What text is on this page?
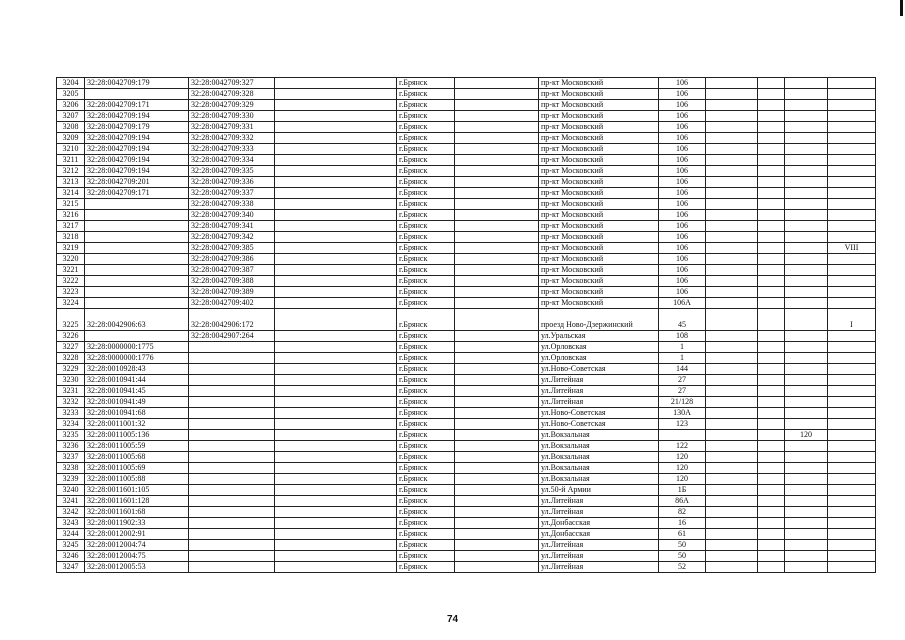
3204	32:28:0042709:179	32:28:0042709:327		г.Брянск		пр-кт Московский	106				
3205		32:28:0042709:328		г.Брянск		пр-кт Московский	106				
3206	32:28:0042709:171	32:28:0042709:329		г.Брянск		пр-кт Московский	106				
3207	32:28:0042709:194	32:28:0042709:330		г.Брянск		пр-кт Московский	106				
3208	32:28:0042709:179	32:28:0042709:331		г.Брянск		пр-кт Московский	106				
3209	32:28:0042709:194	32:28:0042709:332		г.Брянск		пр-кт Московский	106				
3210	32:28:0042709:194	32:28:0042709:333		г.Брянск		пр-кт Московский	106				
3211	32:28:0042709:194	32:28:0042709:334		г.Брянск		пр-кт Московский	106				
3212	32:28:0042709:194	32:28:0042709:335		г.Брянск		пр-кт Московский	106				
3213	32:28:0042709:201	32:28:0042709:336		г.Брянск		пр-кт Московский	106				
3214	32:28:0042709:171	32:28:0042709:337		г.Брянск		пр-кт Московский	106				
3215		32:28:0042709:338		г.Брянск		пр-кт Московский	106				
3216		32:28:0042709:340		г.Брянск		пр-кт Московский	106				
3217		32:28:0042709:341		г.Брянск		пр-кт Московский	106				
3218		32:28:0042709:342		г.Брянск		пр-кт Московский	106				
3219		32:28:0042709:385		г.Брянск		пр-кт Московский	106				VIII
3220		32:28:0042709:386		г.Брянск		пр-кт Московский	106				
3221		32:28:0042709:387		г.Брянск		пр-кт Московский	106				
3222		32:28:0042709:388		г.Брянск		пр-кт Московский	106				
3223		32:28:0042709:389		г.Брянск		пр-кт Московский	106				
3224		32:28:0042709:402		г.Брянск		пр-кт Московский	106А				
3225	32:28:0042906:63	32:28:0042906:172		г.Брянск		проезд Ново-Дзержинский	45				I
3226		32:28:0042907:264		г.Брянск		ул.Уральская	108				
3227	32:28:0000000:1775			г.Брянск		ул.Орловская	1				
3228	32:28:0000000:1776			г.Брянск		ул.Орловская	1				
3229	32:28:0010928:43			г.Брянск		ул.Ново-Советская	144				
3230	32:28:0010941:44			г.Брянск		ул.Литейная	27				
3231	32:28:0010941:45			г.Брянск		ул.Литейная	27				
3232	32:28:0010941:49			г.Брянск		ул.Литейная	21/128				
3233	32:28:0010941:68			г.Брянск		ул.Ново-Советская	130А				
3234	32:28:0011001:32			г.Брянск		ул.Ново-Советская	123				
3235	32:28:0011005:136			г.Брянск		ул.Вокзальная				120	
3236	32:28:0011005:59			г.Брянск		ул.Вокзальная	122				
3237	32:28:0011005:68			г.Брянск		ул.Вокзальная	120				
3238	32:28:0011005:69			г.Брянск		ул.Вокзальная	120				
3239	32:28:0011005:88			г.Брянск		ул.Вокзальная	120				
3240	32:28:0011601:105			г.Брянск		ул.50-й Армии	1Б				
3241	32:28:0011601:128			г.Брянск		ул.Литейная	86А				
3242	32:28:0011601:68			г.Брянск		ул.Литейная	82				
3243	32:28:0011902:33			г.Брянск		ул.Донбасская	16				
3244	32:28:0012002:91			г.Брянск		ул.Донбасская	61				
3245	32:28:0012004:74			г.Брянск		ул.Литейная	50				
3246	32:28:0012004:75			г.Брянск		ул.Литейная	50				
3247	32:28:0012005:53			г.Брянск		ул.Литейная	52				
74
